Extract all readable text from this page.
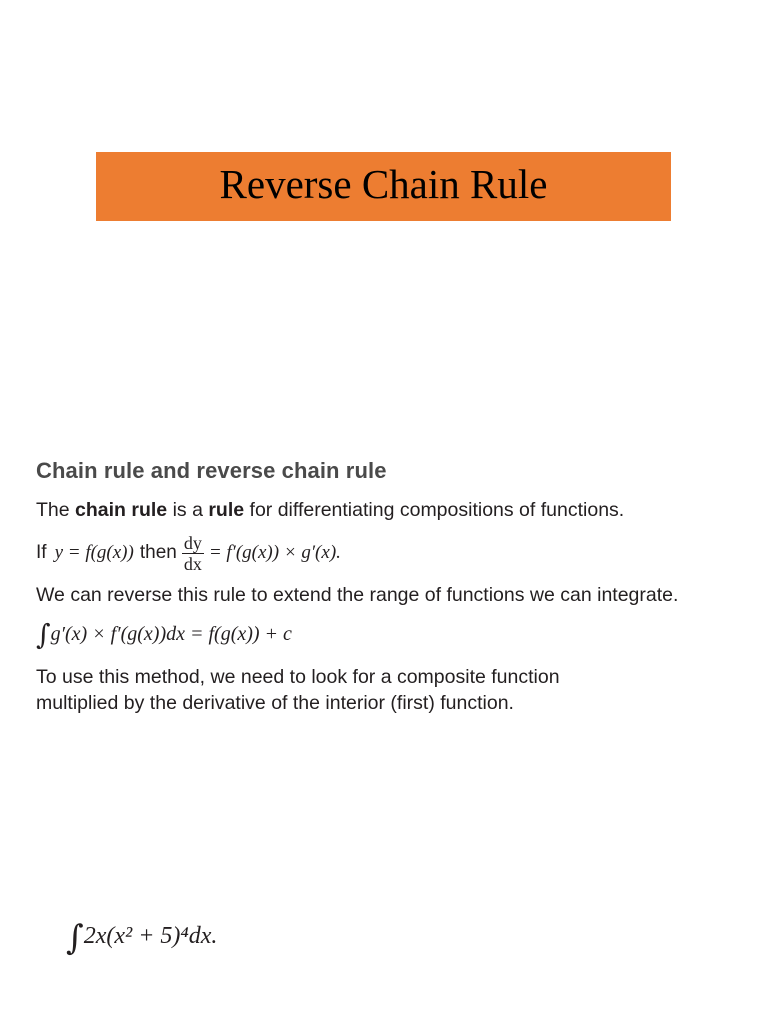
Reverse Chain Rule
Chain rule and reverse chain rule
The chain rule is a rule for differentiating compositions of functions.
If y = f(g(x)) then $\frac{dy}{dx} = f'(g(x)) \times g'(x)$.
We can reverse this rule to extend the range of functions we can integrate.
∫g′(x) × f′(g(x))dx = f(g(x)) + c
To use this method, we need to look for a composite function
multiplied by the derivative of the interior (first) function.
∫2x(x² + 5)⁴dx.
